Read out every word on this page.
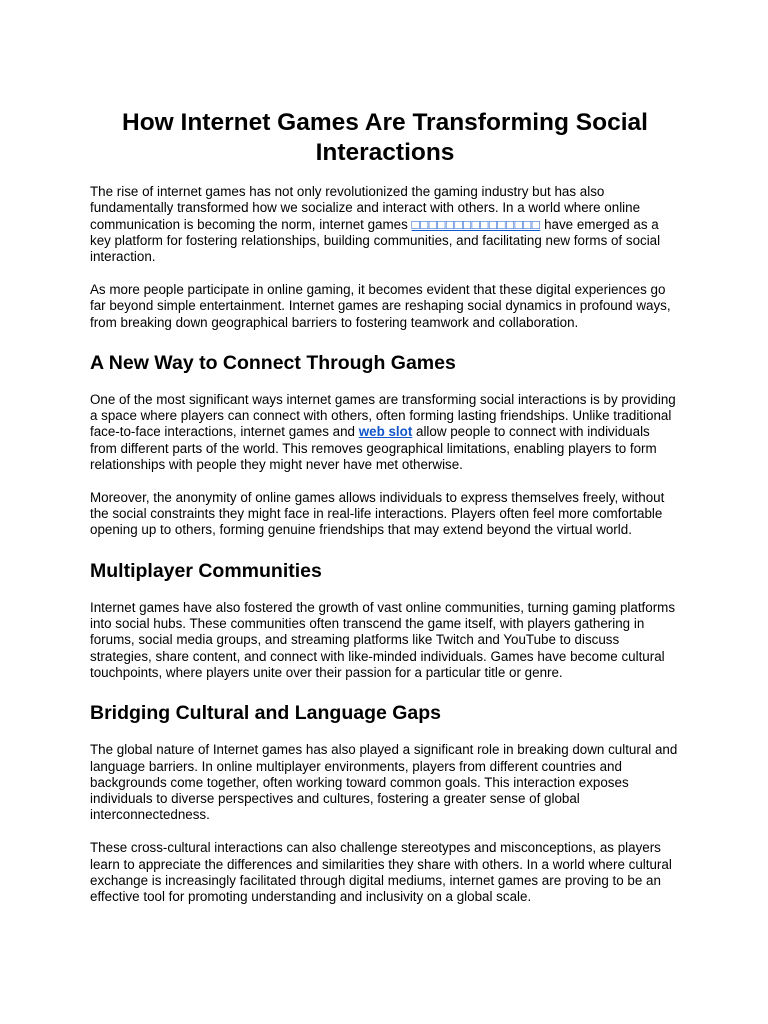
How Internet Games Are Transforming Social Interactions

The rise of internet games has not only revolutionized the gaming industry but has also fundamentally transformed how we socialize and interact with others. In a world where online communication is becoming the norm, internet games □□□□□□□□□□□□□□□ have emerged as a key platform for fostering relationships, building communities, and facilitating new forms of social interaction.

As more people participate in online gaming, it becomes evident that these digital experiences go far beyond simple entertainment. Internet games are reshaping social dynamics in profound ways, from breaking down geographical barriers to fostering teamwork and collaboration.

A New Way to Connect Through Games

One of the most significant ways internet games are transforming social interactions is by providing a space where players can connect with others, often forming lasting friendships. Unlike traditional face-to-face interactions, internet games and web slot allow people to connect with individuals from different parts of the world. This removes geographical limitations, enabling players to form relationships with people they might never have met otherwise.

Moreover, the anonymity of online games allows individuals to express themselves freely, without the social constraints they might face in real-life interactions. Players often feel more comfortable opening up to others, forming genuine friendships that may extend beyond the virtual world.

Multiplayer Communities

Internet games have also fostered the growth of vast online communities, turning gaming platforms into social hubs. These communities often transcend the game itself, with players gathering in forums, social media groups, and streaming platforms like Twitch and YouTube to discuss strategies, share content, and connect with like-minded individuals. Games have become cultural touchpoints, where players unite over their passion for a particular title or genre.

Bridging Cultural and Language Gaps

The global nature of Internet games has also played a significant role in breaking down cultural and language barriers. In online multiplayer environments, players from different countries and backgrounds come together, often working toward common goals. This interaction exposes individuals to diverse perspectives and cultures, fostering a greater sense of global interconnectedness.

These cross-cultural interactions can also challenge stereotypes and misconceptions, as players learn to appreciate the differences and similarities they share with others. In a world where cultural exchange is increasingly facilitated through digital mediums, internet games are proving to be an effective tool for promoting understanding and inclusivity on a global scale.
